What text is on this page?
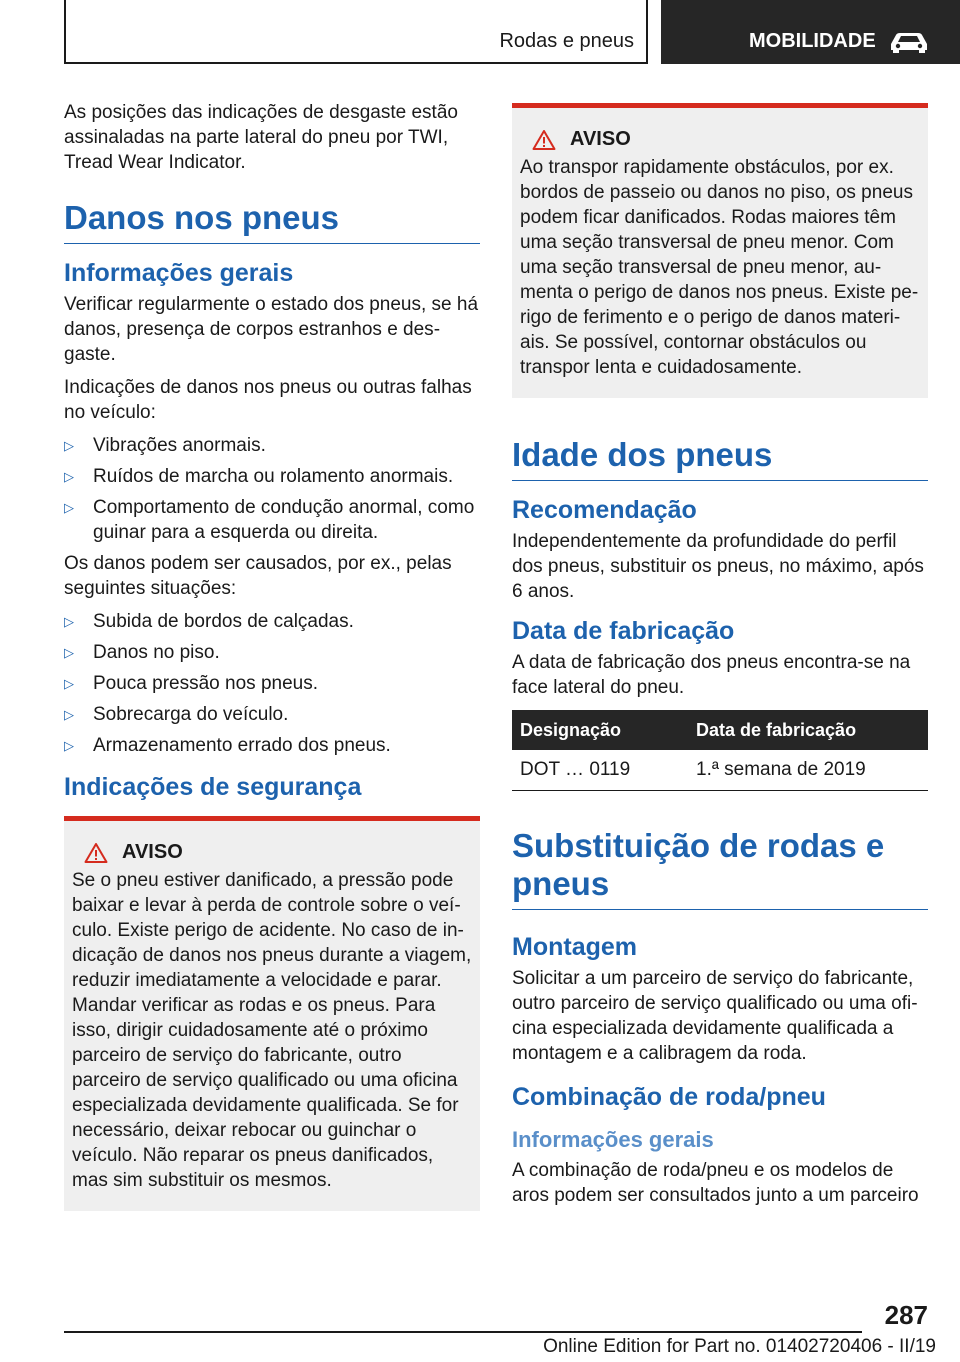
Rodas e pneus	MOBILIDADE

As posições das indicações de desgaste estão assinaladas na parte lateral do pneu por TWI, Tread Wear Indicator.

Danos nos pneus
Informações gerais

Verificar regularmente o estado dos pneus, se há danos, presença de corpos estranhos e desgaste.

Indicações de danos nos pneus ou outras falhas no veículo:

▷ Vibrações anormais.
▷ Ruídos de marcha ou rolamento anormais.
▷ Comportamento de condução anormal, como guinar para a esquerda ou direita.

Os danos podem ser causados, por ex., pelas seguintes situações:

▷ Subida de bordos de calçadas.
▷ Danos no piso.
▷ Pouca pressão nos pneus.
▷ Sobrecarga do veículo.
▷ Armazenamento errado dos pneus.
Indicações de segurança
AVISO

Se o pneu estiver danificado, a pressão pode baixar e levar à perda de controle sobre o veículo. Existe perigo de acidente. No caso de indicação de danos nos pneus durante a viagem, reduzir imediatamente a velocidade e parar. Mandar verificar as rodas e os pneus. Para isso, dirigir cuidadosamente até o próximo parceiro de serviço do fabricante, outro parceiro de serviço qualificado ou uma oficina especializada devidamente qualificada. Se for necessário, deixar rebocar ou guinchar o veículo. Não reparar os pneus danificados, mas sim substituir os mesmos.

AVISO

Ao transpor rapidamente obstáculos, por ex. bordos de passeio ou danos no piso, os pneus podem ficar danificados. Rodas maiores têm uma seção transversal de pneu menor. Com uma seção transversal de pneu menor, aumenta o perigo de danos nos pneus. Existe perigo de ferimento e o perigo de danos materiais. Se possível, contornar obstáculos ou transpor lenta e cuidadosamente.

Idade dos pneus
Recomendação

Independentemente da profundidade do perfil dos pneus, substituir os pneus, no máximo, após 6 anos.

Data de fabricação

A data de fabricação dos pneus encontra-se na face lateral do pneu.

Designação	Data de fabricação
DOT … 0119	1.ª semana de 2019
Substituição de rodas e pneus
Montagem

Solicitar a um parceiro de serviço do fabricante, outro parceiro de serviço qualificado ou uma oficina especializada devidamente qualificada a montagem e a calibragem da roda.

Combinação de roda/pneu
Informações gerais

A combinação de roda/pneu e os modelos de aros podem ser consultados junto a um parceiro

287
Online Edition for Part no. 01402720406 - II/19
